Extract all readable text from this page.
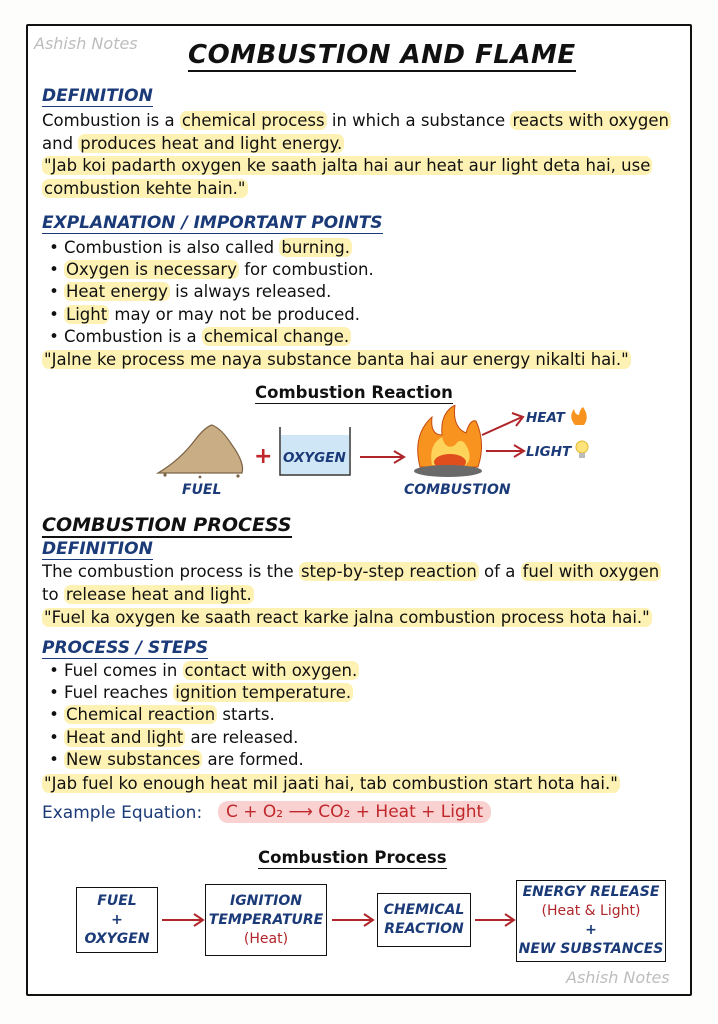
Ashish Notes COMBUSTION AND FLAME
DEFINITION
Combustion is a chemical process in which a substance reacts with oxygen and produces heat and light energy.
"Jab koi padarth oxygen ke saath jalta hai aur heat aur light deta hai, use combustion kehte hain."
EXPLANATION / IMPORTANT POINTS
• Combustion is also called burning.
• Oxygen is necessary for combustion.
• Heat energy is always released.
• Light may or may not be produced.
• Combustion is a chemical change.
"Jalne ke process me naya substance banta hai aur energy nikalti hai."
Combustion Reaction
+ OXYGEN
HEAT
LIGHT
FUEL	COMBUSTION
COMBUSTION PROCESS
DEFINITION
The combustion process is the step-by-step reaction of a fuel with oxygen to release heat and light.
"Fuel ka oxygen ke saath react karke jalna combustion process hota hai."
PROCESS / STEPS
• Fuel comes in contact with oxygen.
• Fuel reaches ignition temperature.
• Chemical reaction starts.
• Heat and light are released.
• New substances are formed.
"Jab fuel ko enough heat mil jaati hai, tab combustion start hota hai."
Example Equation:	C + O₂ ⟶ CO₂ + Heat + Light
Combustion Process
FUEL
+
OXYGEN
IGNITION
TEMPERATURE
(Heat)
CHEMICAL
REACTION
ENERGY RELEASE
(Heat & Light)
+
NEW SUBSTANCES
Ashish Notes
